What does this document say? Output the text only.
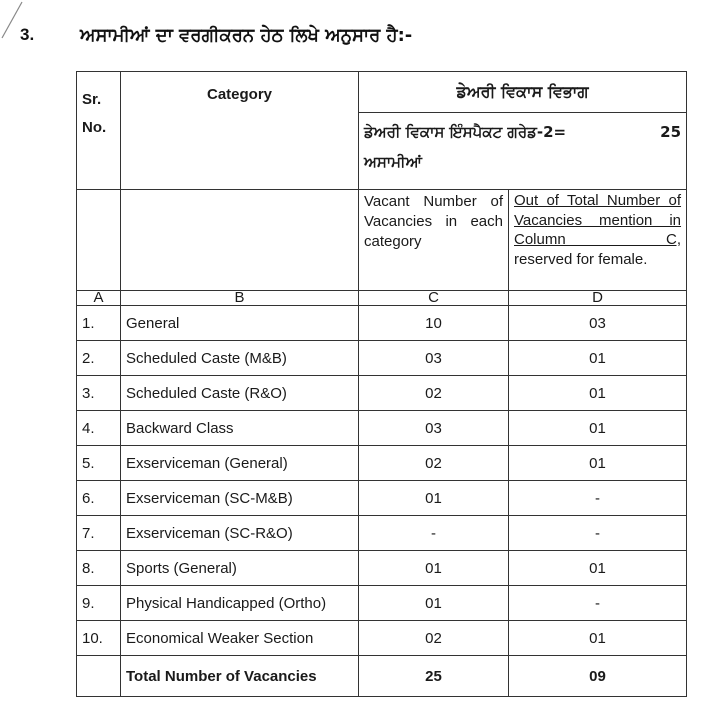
3.	ਅਸਾਮੀਆਂ ਦਾ ਵਰਗੀਕਰਨ ਹੇਠ ਲਿਖੇ ਅਨੁਸਾਰ ਹੈ:-
Sr.
No.	Category	ਡੇਅਰੀ ਵਿਕਾਸ ਵਿਭਾਗ	

		ਡੇਅਰੀ ਵਿਕਾਸ ਇੰਸਪੈਕਟ ਗਰੇਡ-2= 25
ਅਸਾਮੀਆਂ	

		Vacant Number of Vacancies in each category	Out of Total Number of Vacancies mention in Column C,
reserved for female.
A	B	C	D
1.	General	10	03
2.	Scheduled Caste (M&B)	03	01
3.	Scheduled Caste (R&O)	02	01
4.	Backward Class	03	01
5.	Exserviceman (General)	02	01
6.	Exserviceman (SC-M&B)	01	-
7.	Exserviceman (SC-R&O)	-	-
8.	Sports (General)	01	01
9.	Physical Handicapped (Ortho)	01	-
10.	Economical Weaker Section	02	01
	Total Number of Vacancies	25	09
